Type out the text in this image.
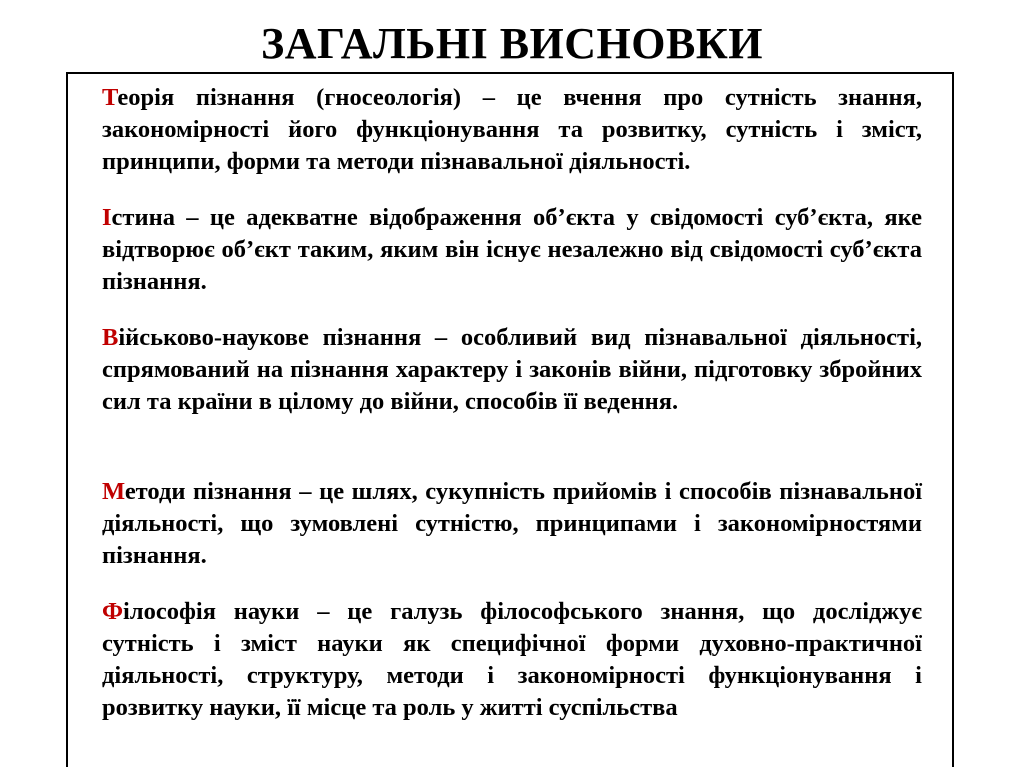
ЗАГАЛЬНІ ВИСНОВКИ

Теорія пізнання (гносеологія) – це вчення про сутність знання, закономірності його функціонування та розвитку, сутність і зміст, принципи, форми та методи пізнавальної діяльності.

Істина – це адекватне відображення об’єкта у свідомості суб’єкта, яке відтворює об’єкт таким, яким він існує незалежно від свідомості суб’єкта пізнання.

Військово-наукове пізнання – особливий вид пізнавальної діяльності, спрямований на пізнання характеру і законів війни, підготовку збройних сил та країни в цілому до війни, способів її ведення.

Методи пізнання – це шлях, сукупність прийомів і способів пізнавальної діяльності, що зумовлені сутністю, принципами і закономірностями пізнання.

Філософія науки – це галузь філософського знання, що досліджує сутність і зміст науки як специфічної форми духовно-практичної діяльності, структуру, методи і закономірності функціонування і розвитку науки, її місце та роль у житті суспільства
